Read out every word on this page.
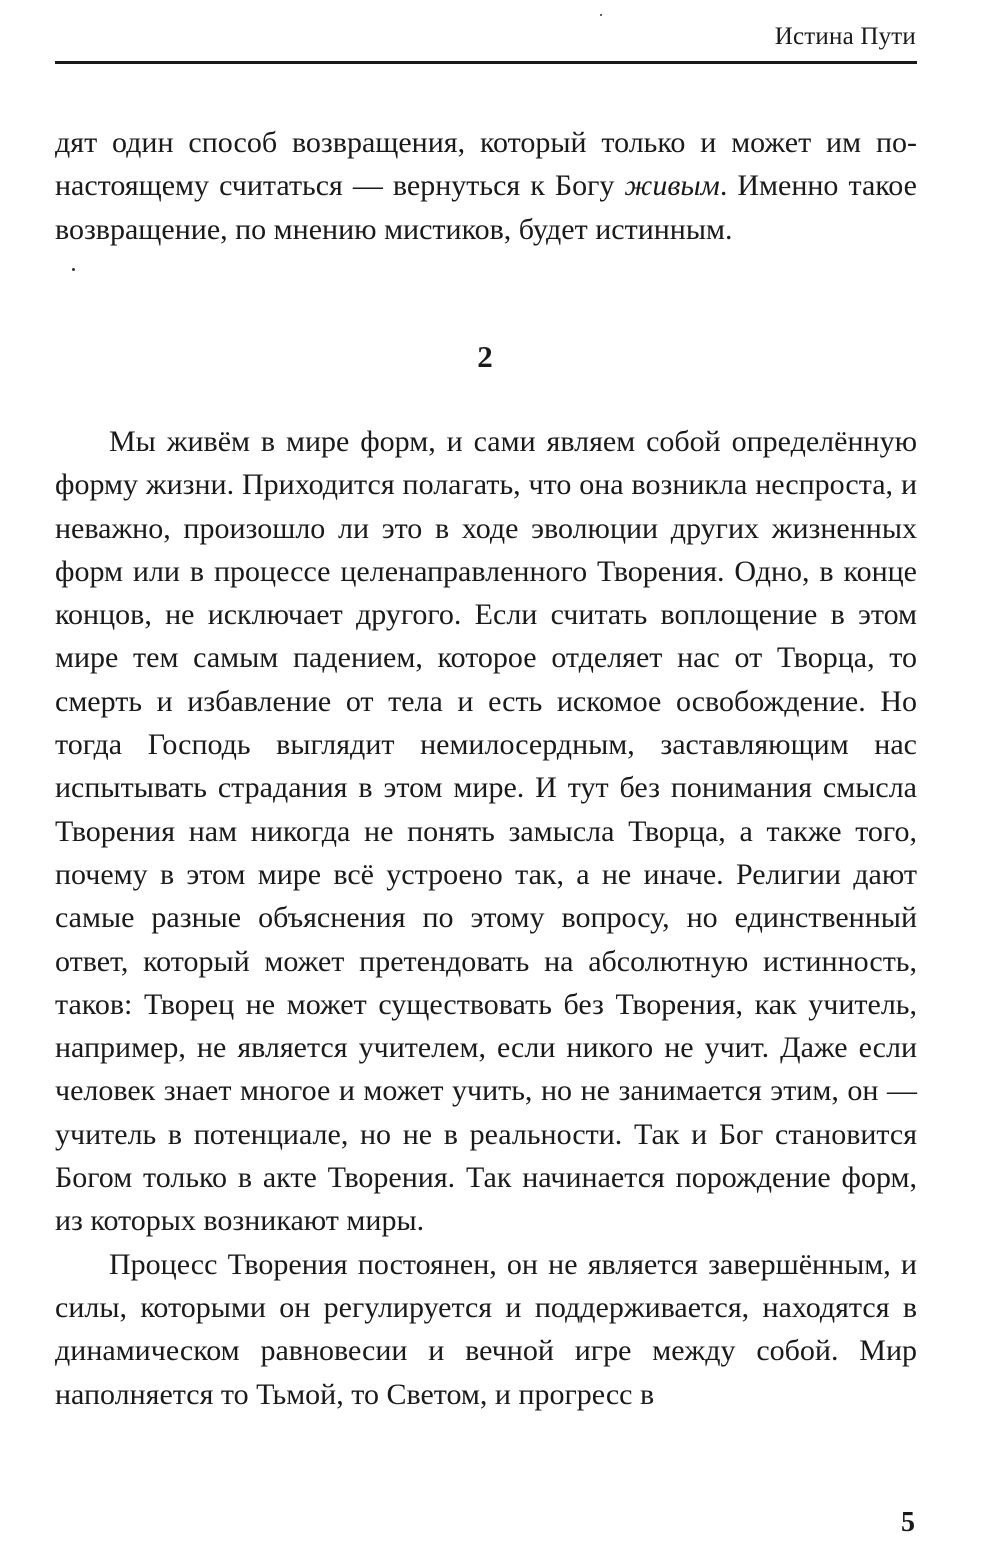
Истина Пути

дят один способ возвращения, который только и может им по-настоящему считаться — вернуться к Богу живым. Именно такое возвращение, по мнению мистиков, будет истинным.

2

Мы живём в мире форм, и сами являем собой определённую форму жизни. Приходится полагать, что она возникла неспроста, и неважно, произошло ли это в ходе эволюции других жизненных форм или в процессе целенаправленного Творения. Одно, в конце концов, не исключает другого. Если считать воплощение в этом мире тем самым падением, которое отделяет нас от Творца, то смерть и избавление от тела и есть искомое освобождение. Но тогда Господь выглядит немилосердным, заставляющим нас испытывать страдания в этом мире. И тут без понимания смысла Творения нам никогда не понять замысла Творца, а также того, почему в этом мире всё устроено так, а не иначе. Религии дают самые разные объяснения по этому вопросу, но единственный ответ, который может претендовать на абсолютную истинность, таков: Творец не может существовать без Творения, как учитель, например, не является учителем, если никого не учит. Даже если человек знает многое и может учить, но не занимается этим, он — учитель в потенциале, но не в реальности. Так и Бог становится Богом только в акте Творения. Так начинается порождение форм, из которых возникают миры.

Процесс Творения постоянен, он не является завершённым, и силы, которыми он регулируется и поддерживается, находятся в динамическом равновесии и вечной игре между собой. Мир наполняется то Тьмой, то Светом, и прогресс в

5
